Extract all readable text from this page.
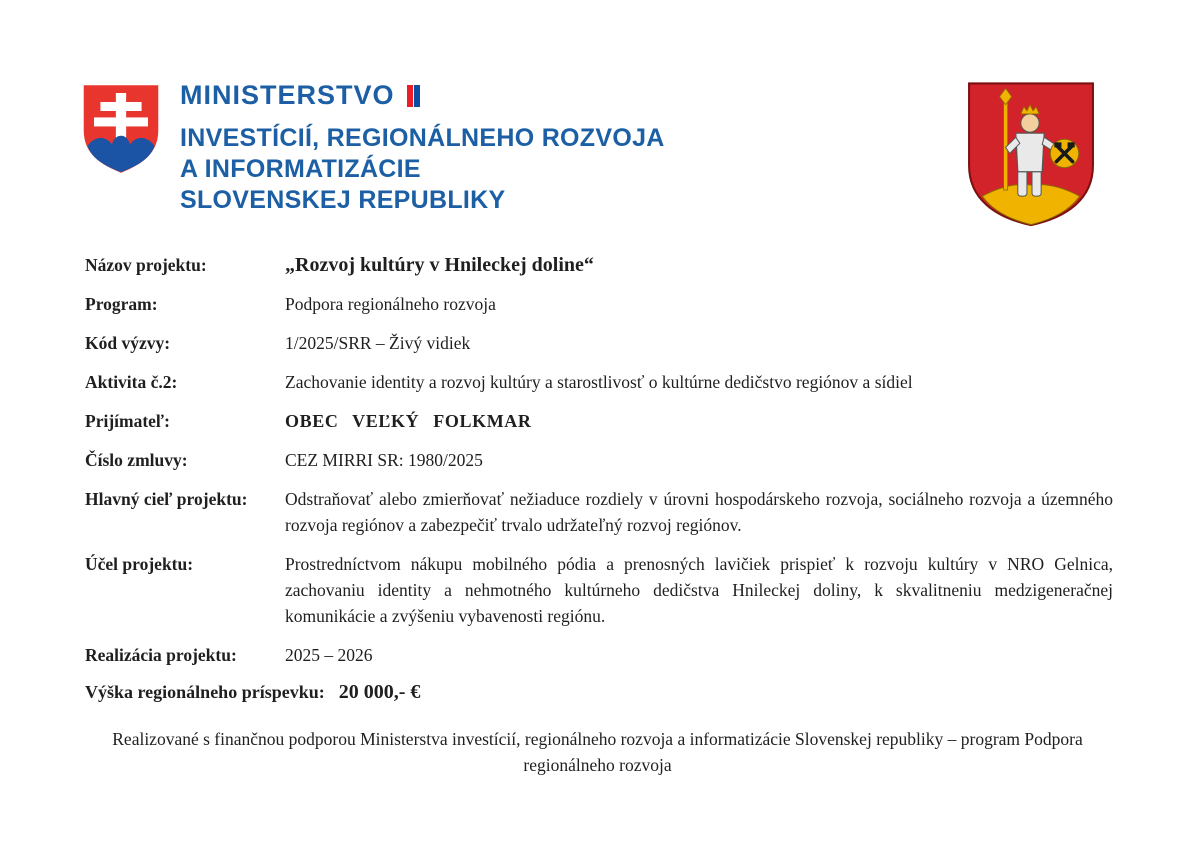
MINISTERSTVO
INVESTÍCIÍ, REGIONÁLNEHO ROZVOJA
A INFORMATIZÁCIE
SLOVENSKEJ REPUBLIKY
Názov projektu:	„Rozvoj kultúry v Hnileckej doline“
Program:	Podpora regionálneho rozvoja
Kód výzvy:	1/2025/SRR – Živý vidiek
Aktivita č.2:	Zachovanie identity a rozvoj kultúry a starostlivosť o kultúrne dedičstvo regiónov a sídiel
Prijímateľ:	OBEC VEĽKÝ FOLKMAR
Číslo zmluvy:	CEZ MIRRI SR: 1980/2025
Hlavný cieľ projektu:	Odstraňovať alebo zmierňovať nežiaduce rozdiely v úrovni hospodárskeho rozvoja, sociálneho rozvoja a územného rozvoja regiónov a zabezpečiť trvalo udržateľný rozvoj regiónov.
Účel projektu:	Prostredníctvom nákupu mobilného pódia a prenosných lavičiek prispieť k rozvoju kultúry v NRO Gelnica, zachovaniu identity a nehmotného kultúrneho dedičstva Hnileckej doliny, k skvalitneniu medzigeneračnej komunikácie a zvýšeniu vybavenosti regiónu.
Realizácia projektu:	2025 – 2026
Výška regionálneho príspevku: 20 000,- €
Realizované s finančnou podporou Ministerstva investícií, regionálneho rozvoja a informatizácie Slovenskej republiky – program Podpora regionálneho rozvoja
